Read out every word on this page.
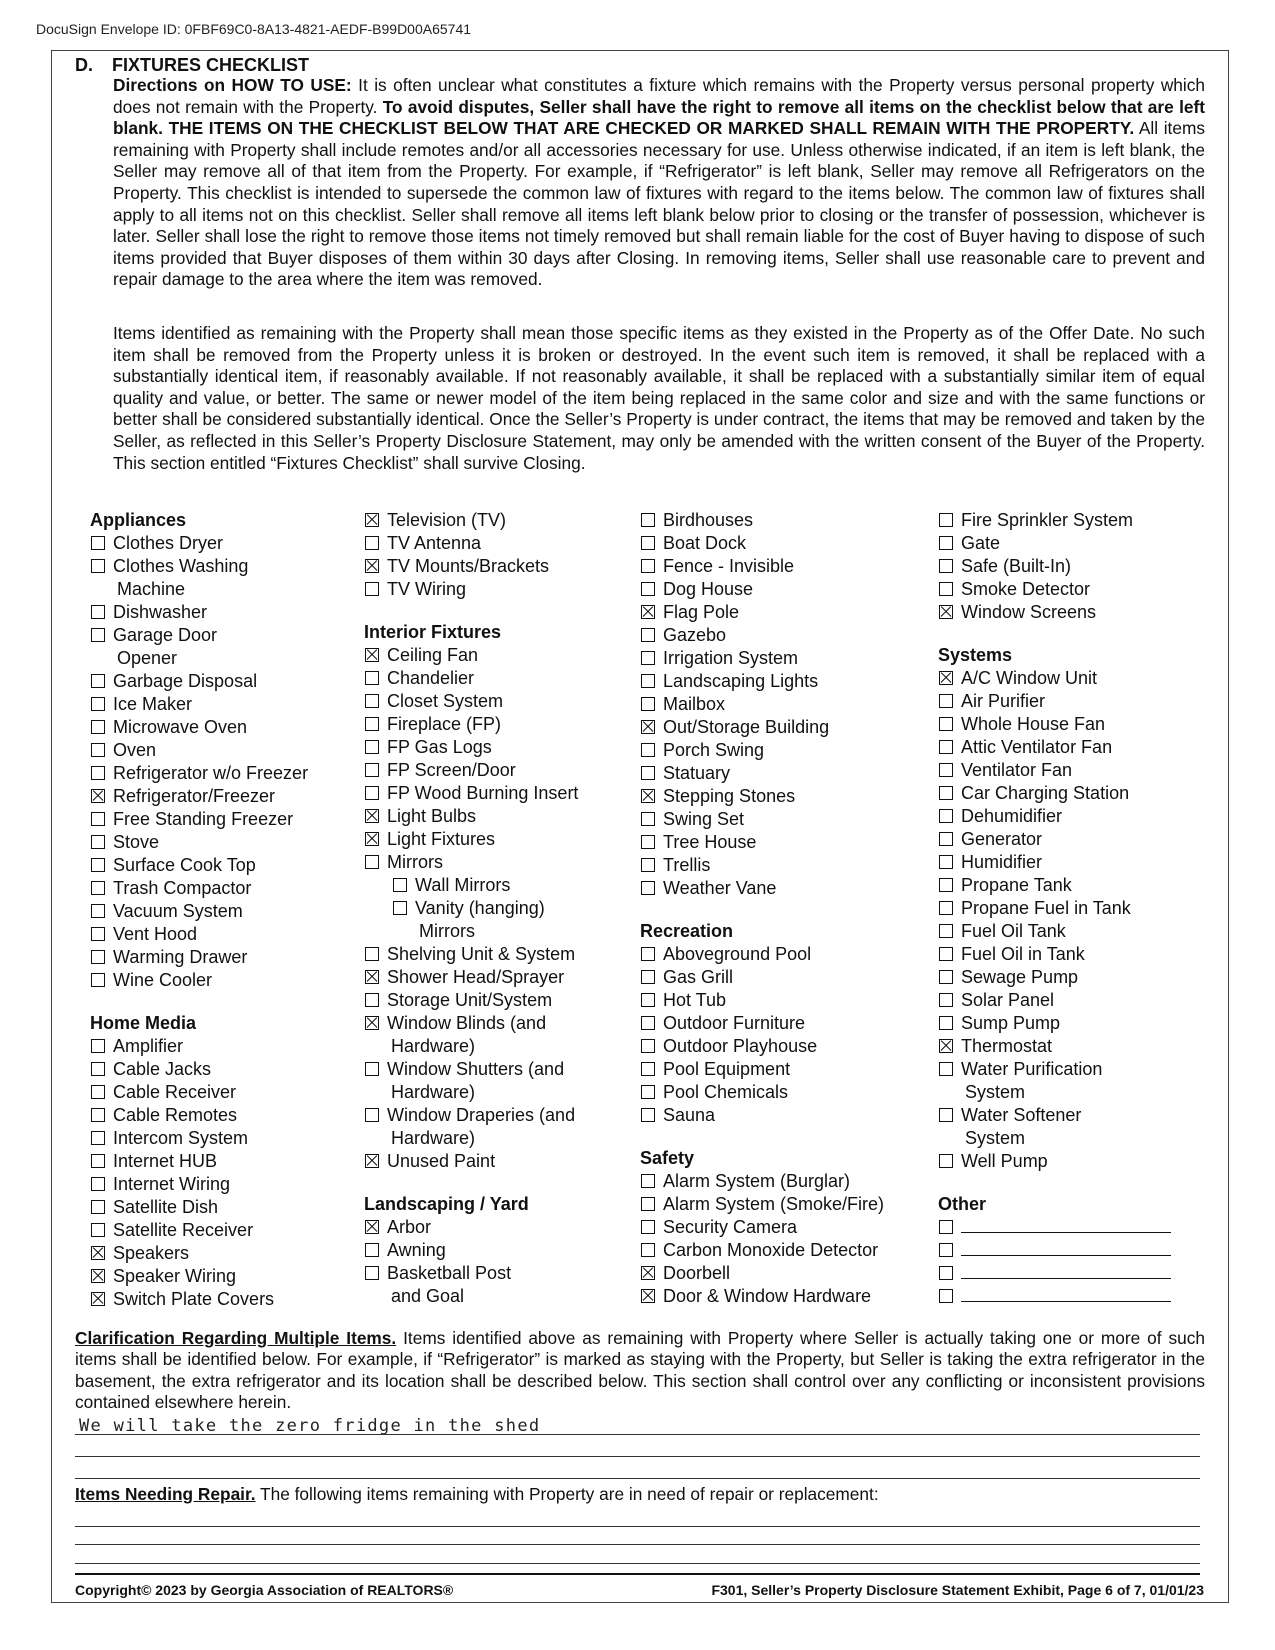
DocuSign Envelope ID: 0FBF69C0-8A13-4821-AEDF-B99D00A65741
D. FIXTURES CHECKLIST
Directions on HOW TO USE: It is often unclear what constitutes a fixture which remains with the Property versus personal property which does not remain with the Property. To avoid disputes, Seller shall have the right to remove all items on the checklist below that are left blank. THE ITEMS ON THE CHECKLIST BELOW THAT ARE CHECKED OR MARKED SHALL REMAIN WITH THE PROPERTY. All items remaining with Property shall include remotes and/or all accessories necessary for use. Unless otherwise indicated, if an item is left blank, the Seller may remove all of that item from the Property. For example, if “Refrigerator” is left blank, Seller may remove all Refrigerators on the Property. This checklist is intended to supersede the common law of fixtures with regard to the items below. The common law of fixtures shall apply to all items not on this checklist. Seller shall remove all items left blank below prior to closing or the transfer of possession, whichever is later. Seller shall lose the right to remove those items not timely removed but shall remain liable for the cost of Buyer having to dispose of such items provided that Buyer disposes of them within 30 days after Closing. In removing items, Seller shall use reasonable care to prevent and repair damage to the area where the item was removed.
Items identified as remaining with the Property shall mean those specific items as they existed in the Property as of the Offer Date. No such item shall be removed from the Property unless it is broken or destroyed. In the event such item is removed, it shall be replaced with a substantially identical item, if reasonably available. If not reasonably available, it shall be replaced with a substantially similar item of equal quality and value, or better. The same or newer model of the item being replaced in the same color and size and with the same functions or better shall be considered substantially identical. Once the Seller’s Property is under contract, the items that may be removed and taken by the Seller, as reflected in this Seller’s Property Disclosure Statement, may only be amended with the written consent of the Buyer of the Property. This section entitled “Fixtures Checklist” shall survive Closing.
Appliances
Clothes Dryer
Clothes Washing
Machine
Dishwasher
Garage Door
Opener
Garbage Disposal
Ice Maker
Microwave Oven
Oven
Refrigerator w/o Freezer
Refrigerator/Freezer
Free Standing Freezer
Stove
Surface Cook Top
Trash Compactor
Vacuum System
Vent Hood
Warming Drawer
Wine Cooler
Home Media
Amplifier
Cable Jacks
Cable Receiver
Cable Remotes
Intercom System
Internet HUB
Internet Wiring
Satellite Dish
Satellite Receiver
Speakers
Speaker Wiring
Switch Plate Covers
Television (TV)
TV Antenna
TV Mounts/Brackets
TV Wiring
Interior Fixtures
Ceiling Fan
Chandelier
Closet System
Fireplace (FP)
FP Gas Logs
FP Screen/Door
FP Wood Burning Insert
Light Bulbs
Light Fixtures
Mirrors
Wall Mirrors
Vanity (hanging)
Mirrors
Shelving Unit & System
Shower Head/Sprayer
Storage Unit/System
Window Blinds (and
Hardware)
Window Shutters (and
Hardware)
Window Draperies (and
Hardware)
Unused Paint
Landscaping / Yard
Arbor
Awning
Basketball Post
and Goal
Birdhouses
Boat Dock
Fence - Invisible
Dog House
Flag Pole
Gazebo
Irrigation System
Landscaping Lights
Mailbox
Out/Storage Building
Porch Swing
Statuary
Stepping Stones
Swing Set
Tree House
Trellis
Weather Vane
Recreation
Aboveground Pool
Gas Grill
Hot Tub
Outdoor Furniture
Outdoor Playhouse
Pool Equipment
Pool Chemicals
Sauna
Safety
Alarm System (Burglar)
Alarm System (Smoke/Fire)
Security Camera
Carbon Monoxide Detector
Doorbell
Door & Window Hardware
Fire Sprinkler System
Gate
Safe (Built-In)
Smoke Detector
Window Screens
Systems
A/C Window Unit
Air Purifier
Whole House Fan
Attic Ventilator Fan
Ventilator Fan
Car Charging Station
Dehumidifier
Generator
Humidifier
Propane Tank
Propane Fuel in Tank
Fuel Oil Tank
Fuel Oil in Tank
Sewage Pump
Solar Panel
Sump Pump
Thermostat
Water Purification
System
Water Softener
System
Well Pump
Other
Clarification Regarding Multiple Items. Items identified above as remaining with Property where Seller is actually taking one or more of such items shall be identified below. For example, if “Refrigerator” is marked as staying with the Property, but Seller is taking the extra refrigerator in the basement, the extra refrigerator and its location shall be described below. This section shall control over any conflicting or inconsistent provisions contained elsewhere herein.
We will take the zero fridge in the shed
Items Needing Repair. The following items remaining with Property are in need of repair or replacement:
Copyright© 2023 by Georgia Association of REALTORS®	F301, Seller’s Property Disclosure Statement Exhibit, Page 6 of 7, 01/01/23
